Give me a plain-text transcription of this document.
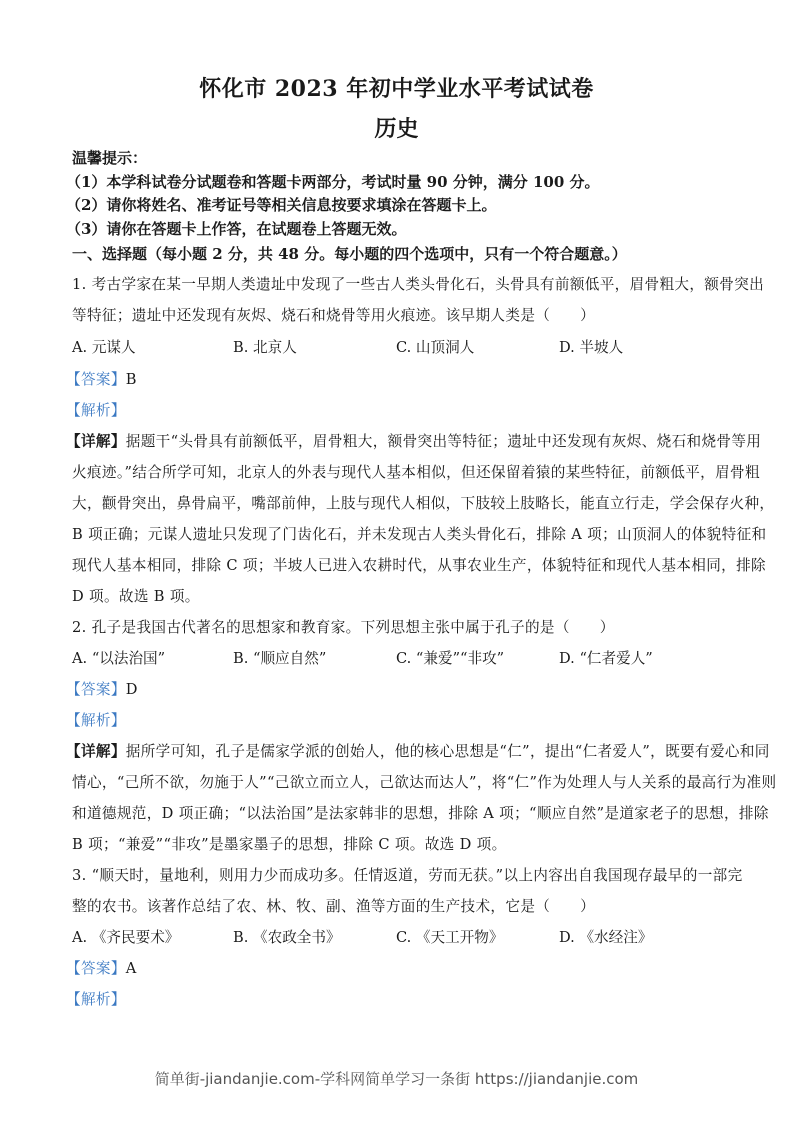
怀化市 2023 年初中学业水平考试试卷
历史
温馨提示：
（1）本学科试卷分试题卷和答题卡两部分，考试时量 90 分钟，满分 100 分。
（2）请你将姓名、准考证号等相关信息按要求填涂在答题卡上。
（3）请你在答题卡上作答，在试题卷上答题无效。
一、选择题（每小题 2 分，共 48 分。每小题的四个选项中，只有一个符合题意。）
1. 考古学家在某一早期人类遗址中发现了一些古人类头骨化石，头骨具有前额低平，眉骨粗大，额骨突出
等特征；遗址中还发现有灰烬、烧石和烧骨等用火痕迹。该早期人类是（　　）
A. 元谋人	B. 北京人	C. 山顶洞人	D. 半坡人
【答案】B
【解析】
【详解】据题干“头骨具有前额低平，眉骨粗大，额骨突出等特征；遗址中还发现有灰烬、烧石和烧骨等用
火痕迹。”结合所学可知，北京人的外表与现代人基本相似，但还保留着猿的某些特征，前额低平，眉骨粗
大，颧骨突出，鼻骨扁平，嘴部前伸，上肢与现代人相似，下肢较上肢略长，能直立行走，学会保存火种，
B 项正确；元谋人遗址只发现了门齿化石，并未发现古人类头骨化石，排除 A 项；山顶洞人的体貌特征和
现代人基本相同，排除 C 项；半坡人已进入农耕时代，从事农业生产，体貌特征和现代人基本相同，排除
D 项。故选 B 项。
2. 孔子是我国古代著名的思想家和教育家。下列思想主张中属于孔子的是（　　）
A. “以法治国”	B. “顺应自然”	C. “兼爱”“非攻”	D. “仁者爱人”
【答案】D
【解析】
【详解】据所学可知，孔子是儒家学派的创始人，他的核心思想是“仁”，提出“仁者爱人”，既要有爱心和同
情心，“己所不欲，勿施于人”“己欲立而立人，己欲达而达人”，将“仁”作为处理人与人关系的最高行为准则
和道德规范，D 项正确；“以法治国”是法家韩非的思想，排除 A 项；“顺应自然”是道家老子的思想，排除
B 项；“兼爱”“非攻”是墨家墨子的思想，排除 C 项。故选 D 项。
3. “顺天时，量地利，则用力少而成功多。任情返道，劳而无获。”以上内容出自我国现存最早的一部完
整的农书。该著作总结了农、林、牧、副、渔等方面的生产技术，它是（　　）
A. 《齐民要术》	B. 《农政全书》	C. 《天工开物》	D. 《水经注》
【答案】A
【解析】
简单街-jiandanjie.com-学科网简单学习一条街 https://jiandanjie.com
